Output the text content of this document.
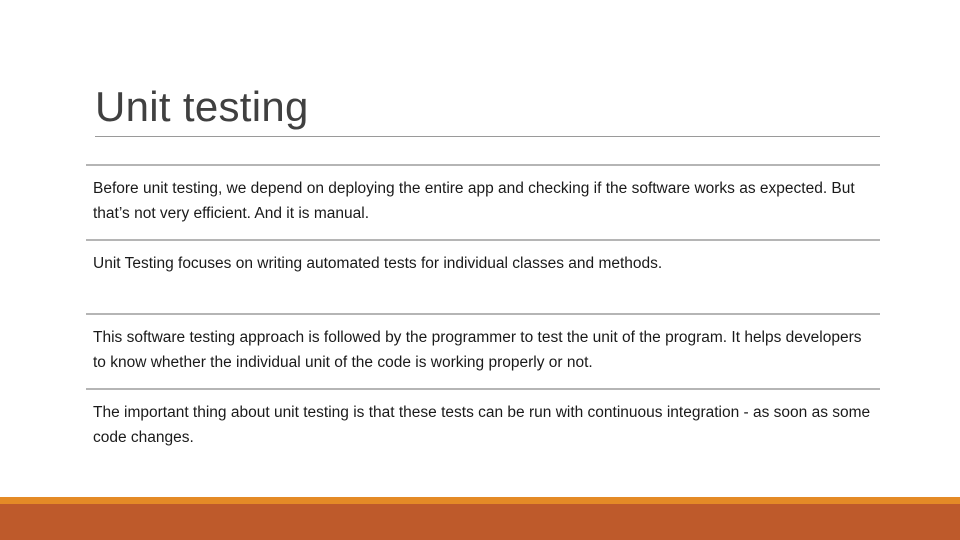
Unit testing
Before unit testing, we depend on deploying the entire app and checking if the software works as expected. But that’s not very efficient. And it is manual.
Unit Testing focuses on writing automated tests for individual classes and methods.
This software testing approach is followed by the programmer to test the unit of the program. It helps developers to know whether the individual unit of the code is working properly or not.
The important thing about unit testing is that these tests can be run with continuous integration - as soon as some code changes.
